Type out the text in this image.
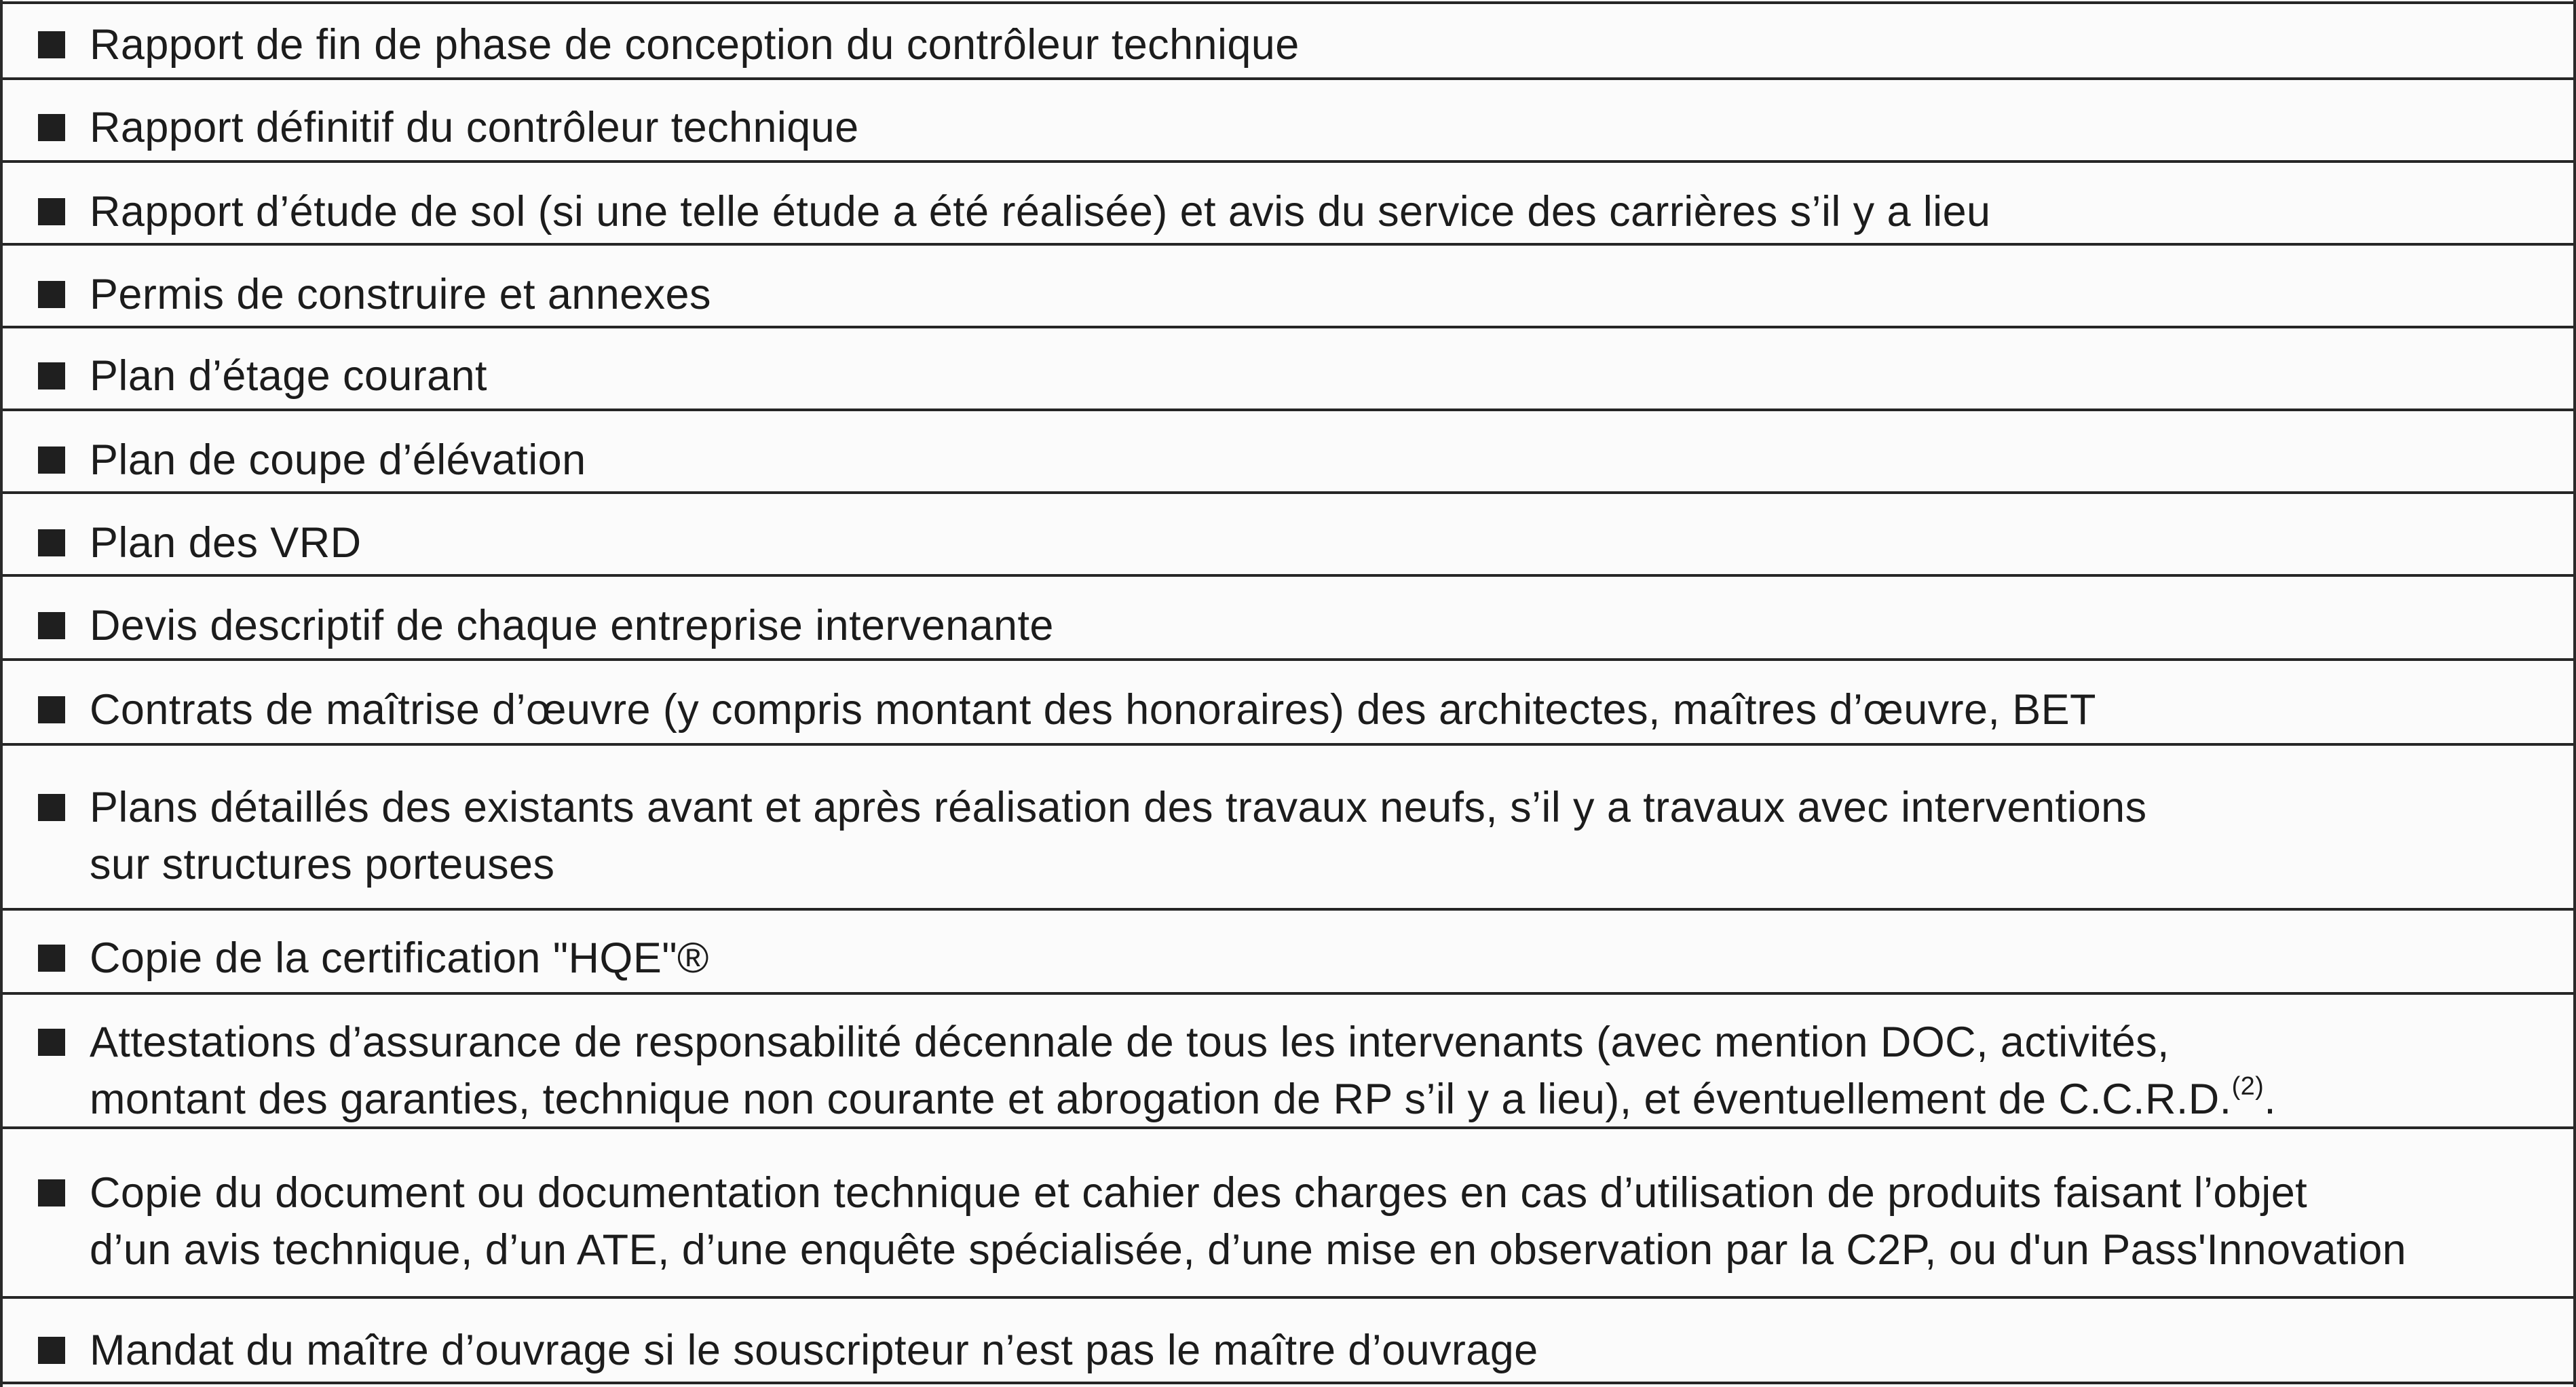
Rapport de fin de phase de conception du contrôleur technique
Rapport définitif du contrôleur technique
Rapport d’étude de sol (si une telle étude a été réalisée) et avis du service des carrières s’il y a lieu
Permis de construire et annexes
Plan d’étage courant
Plan de coupe d’élévation
Plan des VRD
Devis descriptif de chaque entreprise intervenante
Contrats de maîtrise d’œuvre (y compris montant des honoraires) des architectes, maîtres d’œuvre, BET
Plans détaillés des existants avant et après réalisation des travaux neufs, s’il y a travaux avec interventions
sur structures porteuses
Copie de la certification "HQE"®
Attestations d’assurance de responsabilité décennale de tous les intervenants (avec mention DOC, activités,
montant des garanties, technique non courante et abrogation de RP s’il y a lieu), et éventuellement de C.C.R.D.$^{(2)}$.
Copie du document ou documentation technique et cahier des charges en cas d’utilisation de produits faisant l’objet
d’un avis technique, d’un ATE, d’une enquête spécialisée, d’une mise en observation par la C2P, ou d'un Pass'Innovation
Mandat du maître d’ouvrage si le souscripteur n’est pas le maître d’ouvrage
